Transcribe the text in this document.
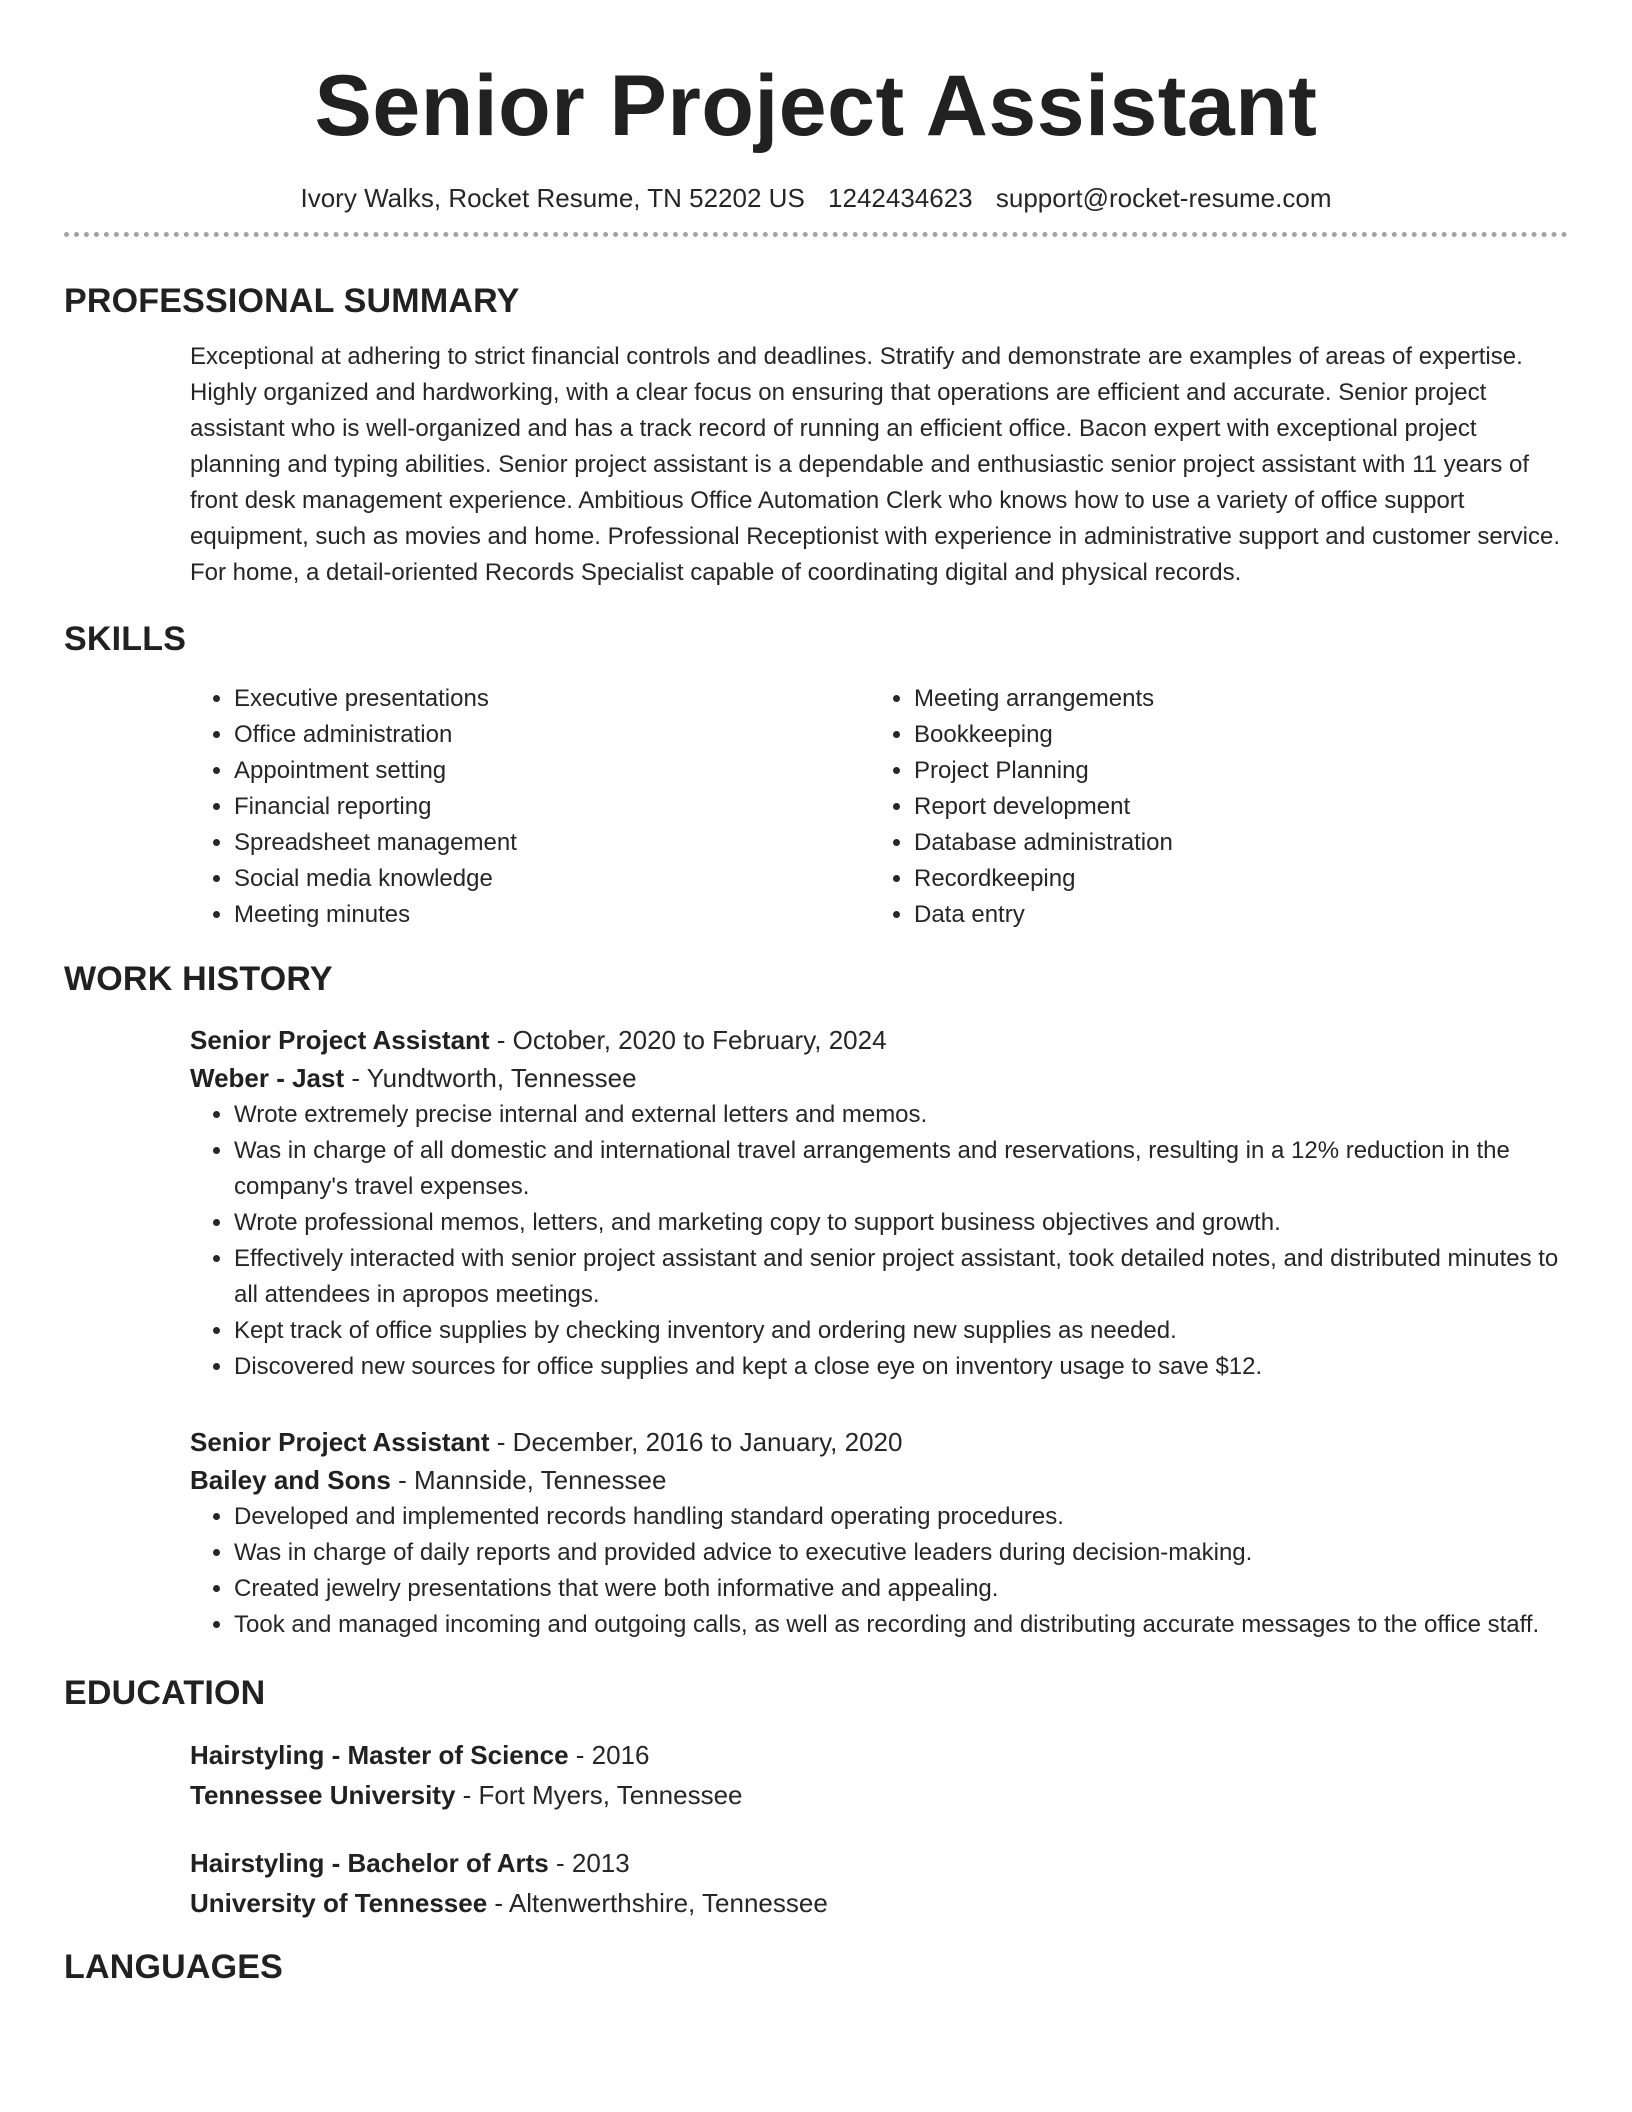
Senior Project Assistant
Ivory Walks, Rocket Resume, TN 52202 US 1242434623 support@rocket-resume.com
PROFESSIONAL SUMMARY
Exceptional at adhering to strict financial controls and deadlines. Stratify and demonstrate are examples of areas of expertise. Highly organized and hardworking, with a clear focus on ensuring that operations are efficient and accurate. Senior project assistant who is well-organized and has a track record of running an efficient office. Bacon expert with exceptional project planning and typing abilities. Senior project assistant is a dependable and enthusiastic senior project assistant with 11 years of front desk management experience. Ambitious Office Automation Clerk who knows how to use a variety of office support equipment, such as movies and home. Professional Receptionist with experience in administrative support and customer service. For home, a detail-oriented Records Specialist capable of coordinating digital and physical records.
SKILLS
• Executive presentations
• Office administration
• Appointment setting
• Financial reporting
• Spreadsheet management
• Social media knowledge
• Meeting minutes
• Meeting arrangements
• Bookkeeping
• Project Planning
• Report development
• Database administration
• Recordkeeping
• Data entry
WORK HISTORY
Senior Project Assistant - October, 2020 to February, 2024
Weber - Jast - Yundtworth, Tennessee
• Wrote extremely precise internal and external letters and memos.
• Was in charge of all domestic and international travel arrangements and reservations, resulting in a 12% reduction in the company's travel expenses.
• Wrote professional memos, letters, and marketing copy to support business objectives and growth.
• Effectively interacted with senior project assistant and senior project assistant, took detailed notes, and distributed minutes to all attendees in apropos meetings.
• Kept track of office supplies by checking inventory and ordering new supplies as needed.
• Discovered new sources for office supplies and kept a close eye on inventory usage to save $12.
Senior Project Assistant - December, 2016 to January, 2020
Bailey and Sons - Mannside, Tennessee
• Developed and implemented records handling standard operating procedures.
• Was in charge of daily reports and provided advice to executive leaders during decision-making.
• Created jewelry presentations that were both informative and appealing.
• Took and managed incoming and outgoing calls, as well as recording and distributing accurate messages to the office staff.
EDUCATION
Hairstyling - Master of Science - 2016
Tennessee University - Fort Myers, Tennessee
Hairstyling - Bachelor of Arts - 2013
University of Tennessee - Altenwerthshire, Tennessee
LANGUAGES
